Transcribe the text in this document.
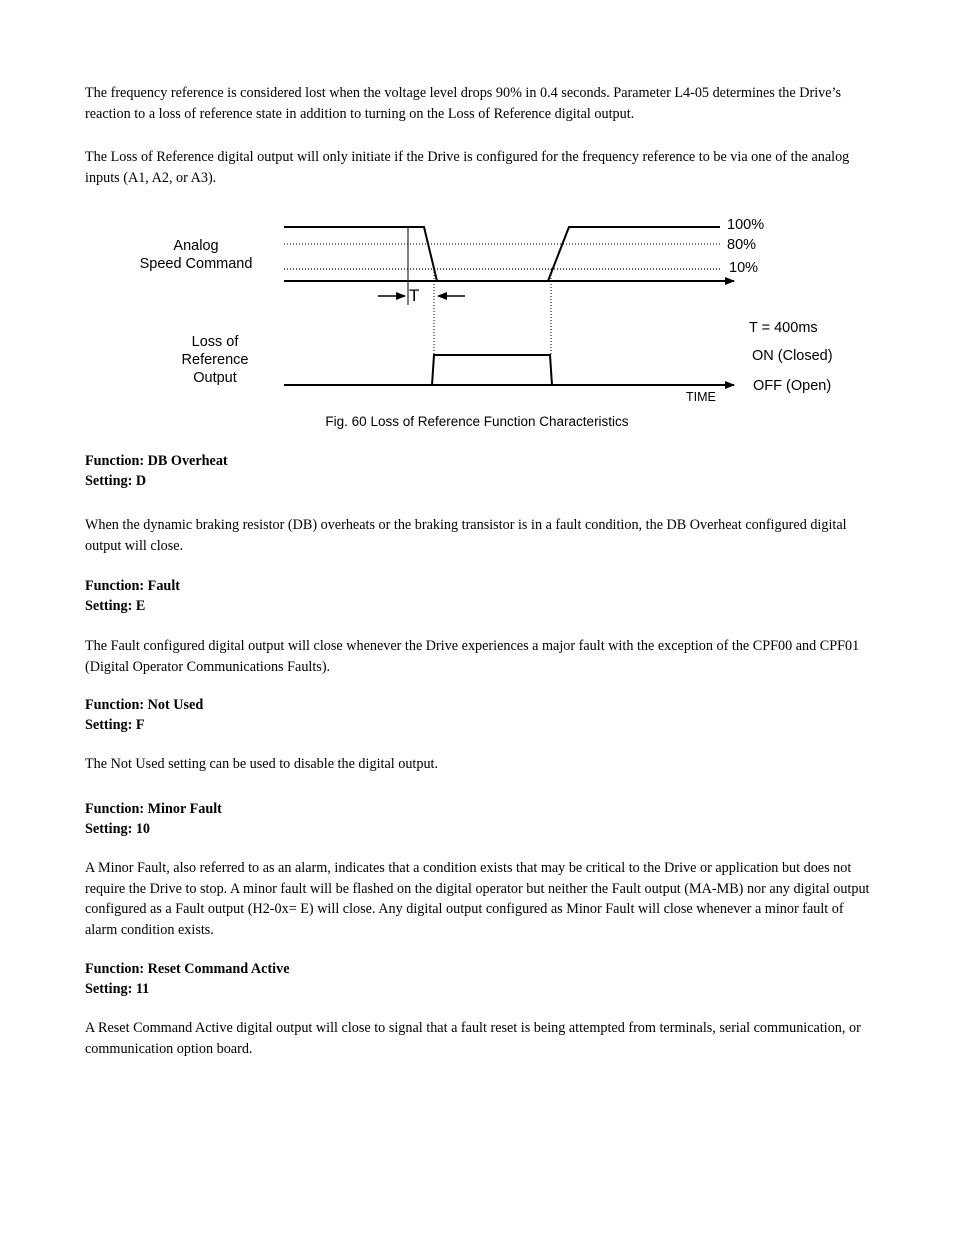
The frequency reference is considered lost when the voltage level drops 90% in 0.4 seconds. Parameter L4-05 determines the Drive’s reaction to a loss of reference state in addition to turning on the Loss of Reference digital output.

The Loss of Reference digital output will only initiate if the Drive is configured for the frequency reference to be via one of the analog inputs (A1, A2, or A3).

Analog
Speed Command
Loss of
Reference
Output
100%
80%
10%
T
T = 400ms
ON (Closed)
OFF (Open)
TIME
Fig. 60 Loss of Reference Function Characteristics
Function: DB Overheat
Setting: D

When the dynamic braking resistor (DB) overheats or the braking transistor is in a fault condition, the DB Overheat configured digital output will close.

Function: Fault
Setting: E

The Fault configured digital output will close whenever the Drive experiences a major fault with the exception of the CPF00 and CPF01 (Digital Operator Communications Faults).

Function: Not Used
Setting: F

The Not Used setting can be used to disable the digital output.

Function: Minor Fault
Setting: 10

A Minor Fault, also referred to as an alarm, indicates that a condition exists that may be critical to the Drive or application but does not require the Drive to stop. A minor fault will be flashed on the digital operator but neither the Fault output (MA-MB) nor any digital output configured as a Fault output (H2-0x= E) will close. Any digital output configured as Minor Fault will close whenever a minor fault of alarm condition exists.

Function: Reset Command Active
Setting: 11

A Reset Command Active digital output will close to signal that a fault reset is being attempted from terminals, serial communication, or communication option board.
